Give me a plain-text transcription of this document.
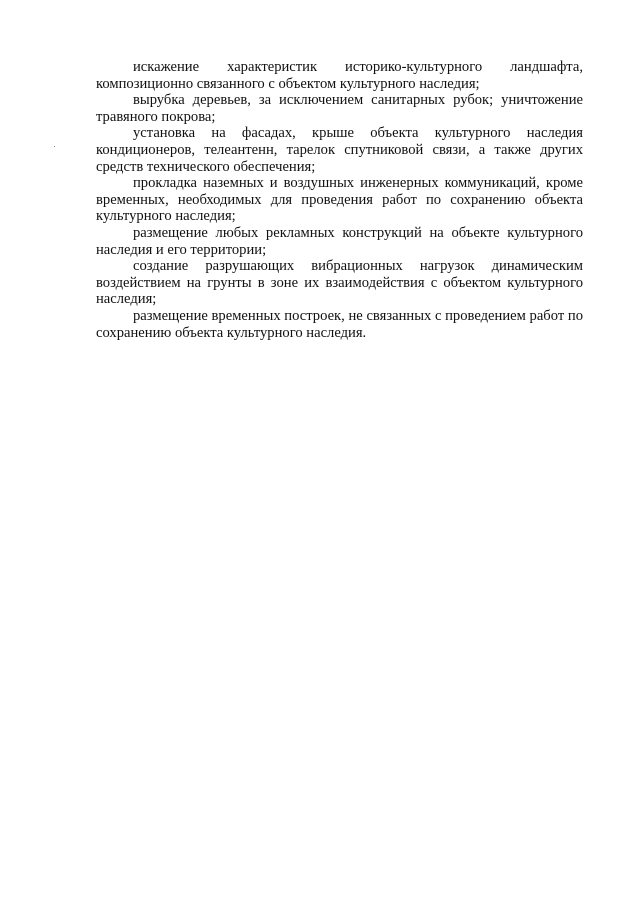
искажение характеристик историко-культурного ландшафта, композиционно связанного с объектом культурного наследия;

вырубка деревьев, за исключением санитарных рубок; уничтожение травяного покрова;

установка на фасадах, крыше объекта культурного наследия кондиционеров, телеантенн, тарелок спутниковой связи, а также других средств технического обеспечения;

прокладка наземных и воздушных инженерных коммуникаций, кроме временных, необходимых для проведения работ по сохранению объекта культурного наследия;

размещение любых рекламных конструкций на объекте культурного наследия и его территории;

создание разрушающих вибрационных нагрузок динамическим воздействием на грунты в зоне их взаимодействия с объектом культурного наследия;

размещение временных построек, не связанных с проведением работ по сохранению объекта культурного наследия.
